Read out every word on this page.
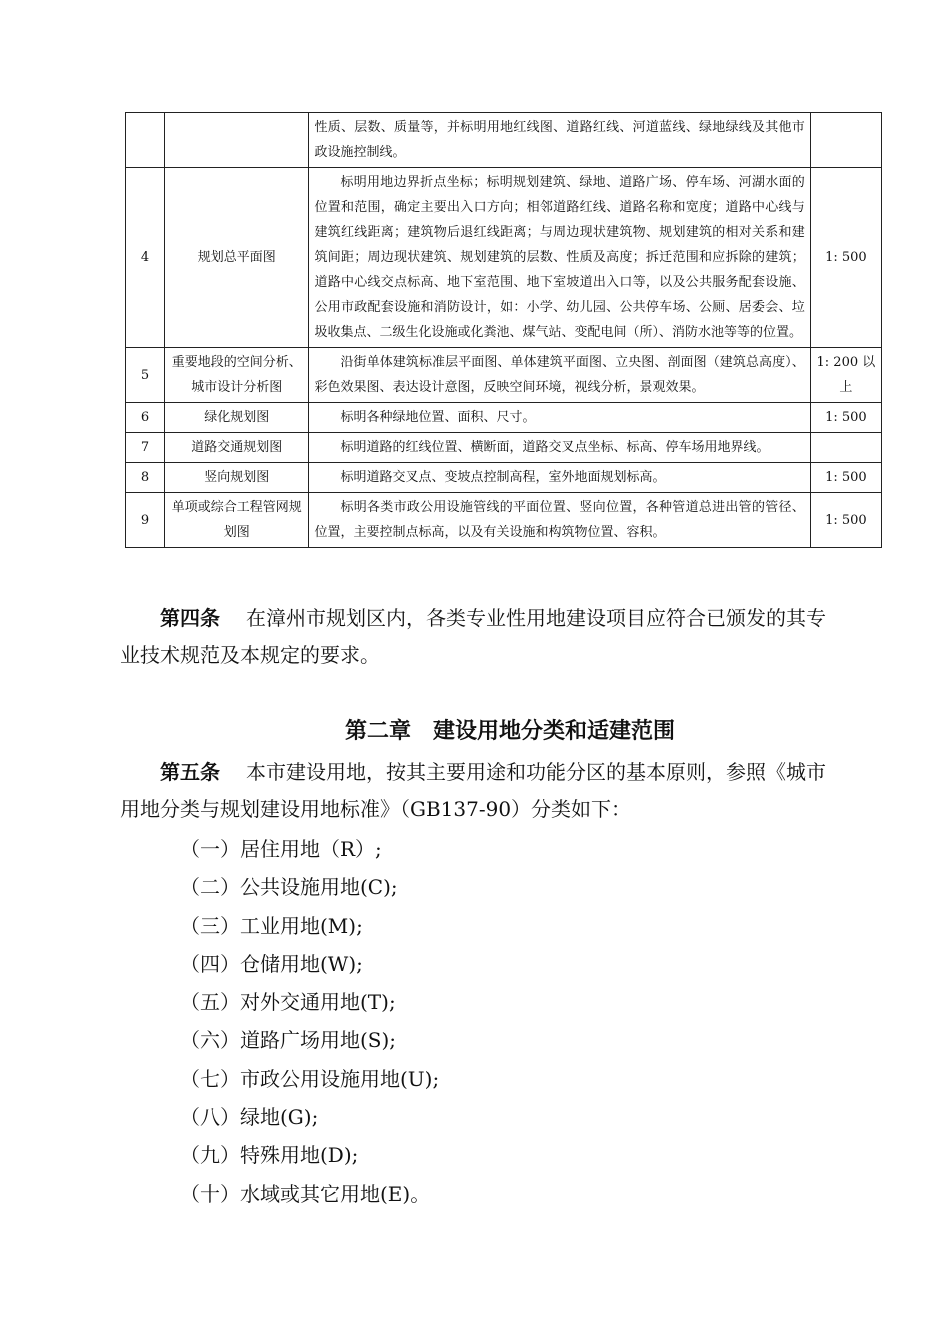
		性质、层数、质量等，并标明用地红线图、道路红线、河道蓝线、绿地绿线及其他市政设施控制线。	
4	规划总平面图	标明用地边界折点坐标；标明规划建筑、绿地、道路广场、停车场、河湖水面的位置和范围，确定主要出入口方向；相邻道路红线、道路名称和宽度；道路中心线与建筑红线距离；建筑物后退红线距离；与周边现状建筑物、规划建筑的相对关系和建筑间距；周边现状建筑、规划建筑的层数、性质及高度；拆迁范围和应拆除的建筑；道路中心线交点标高、地下室范围、地下室坡道出入口等，以及公共服务配套设施、公用市政配套设施和消防设计，如：小学、幼儿园、公共停车场、公厕、居委会、垃圾收集点、二级生化设施或化粪池、煤气站、变配电间（所）、消防水池等等的位置。	1: 500
5	重要地段的空间分析、城市设计分析图	沿街单体建筑标准层平面图、单体建筑平面图、立央图、剖面图（建筑总高度）、彩色效果图、表达设计意图，反映空间环境，视线分析，景观效果。	1: 200 以上
6	绿化规划图	标明各种绿地位置、面积、尺寸。	1: 500
7	道路交通规划图	标明道路的红线位置、横断面，道路交叉点坐标、标高、停车场用地界线。	

8	竖向规划图	标明道路交叉点、变坡点控制高程，室外地面规划标高。	1: 500
9	单项或综合工程管网规划图	标明各类市政公用设施管线的平面位置、竖向位置，各种管道总进出管的管径、位置，主要控制点标高，以及有关设施和构筑物位置、容积。	1: 500
第四条 在漳州市规划区内，各类专业性用地建设项目应符合已颁发的其专业技术规范及本规定的要求。
第二章　建设用地分类和适建范围
第五条 本市建设用地，按其主要用途和功能分区的基本原则，参照《城市用地分类与规划建设用地标准》（GB137-90）分类如下：
（一）居住用地（R）;
（二）公共设施用地(C);
（三）工业用地(M);
（四）仓储用地(W);
（五）对外交通用地(T);
（六）道路广场用地(S);
（七）市政公用设施用地(U);
（八）绿地(G);
（九）特殊用地(D);
（十）水域或其它用地(E)。
